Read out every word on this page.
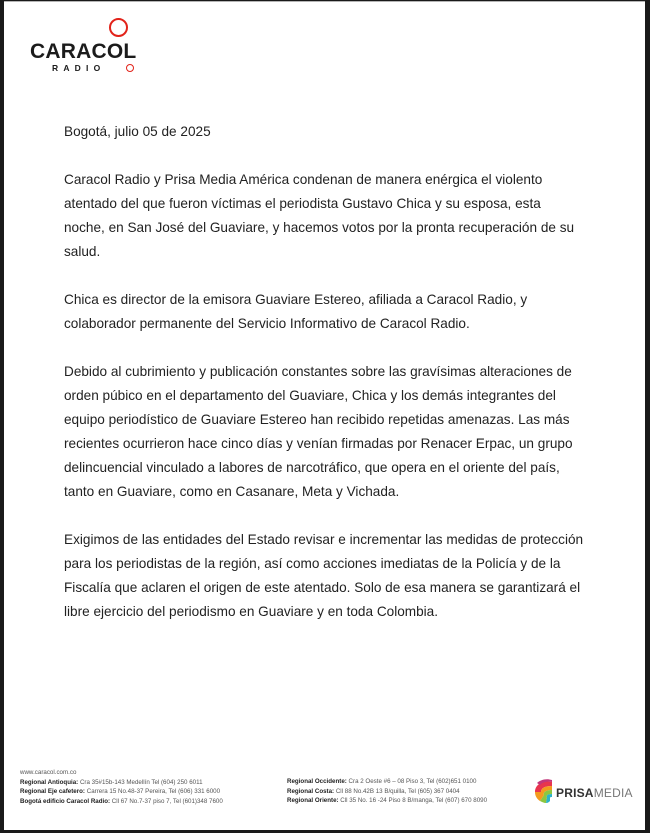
CARACOL
RADIO

Bogotá, julio 05 de 2025

Caracol Radio y Prisa Media América condenan de manera enérgica el violento atentado del que fueron víctimas el periodista Gustavo Chica y su esposa, esta noche, en San José del Guaviare, y hacemos votos por la pronta recuperación de su salud.

Chica es director de la emisora Guaviare Estereo, afiliada a Caracol Radio, y colaborador permanente del Servicio Informativo de Caracol Radio.

Debido al cubrimiento y publicación constantes sobre las gravísimas alteraciones de orden púbico en el departamento del Guaviare, Chica y los demás integrantes del equipo periodístico de Guaviare Estereo han recibido repetidas amenazas. Las más recientes ocurrieron hace cinco días y venían firmadas por Renacer Erpac, un grupo delincuencial vinculado a labores de narcotráfico, que opera en el oriente del país, tanto en Guaviare, como en Casanare, Meta y Vichada.

Exigimos de las entidades del Estado revisar e incrementar las medidas de protección para los periodistas de la región, así como acciones imediatas de la Policía y de la Fiscalía que aclaren el origen de este atentado. Solo de esa manera se garantizará el libre ejercicio del periodismo en Guaviare y en toda Colombia.

www.caracol.com.co
Regional Antioquia: Cra 35#15b-143 Medellín Tel (604) 250 6011
Regional Eje cafetero: Carrera 15 No.48-37 Pereira, Tel (606) 331 6000
Bogotá edificio Caracol Radio: Cll 67 No.7-37 piso 7, Tel (601)348 7600
Regional Occidente: Cra 2 Oeste #6 – 08 Piso 3, Tel (602)651 0100
Regional Costa: Cll 88 No.42B 13 B/quilla, Tel (605) 367 0404
Regional Oriente: Cll 35 No. 16 -24 Piso 8 B/manga, Tel (607) 670 8090
PRISAMEDIA
